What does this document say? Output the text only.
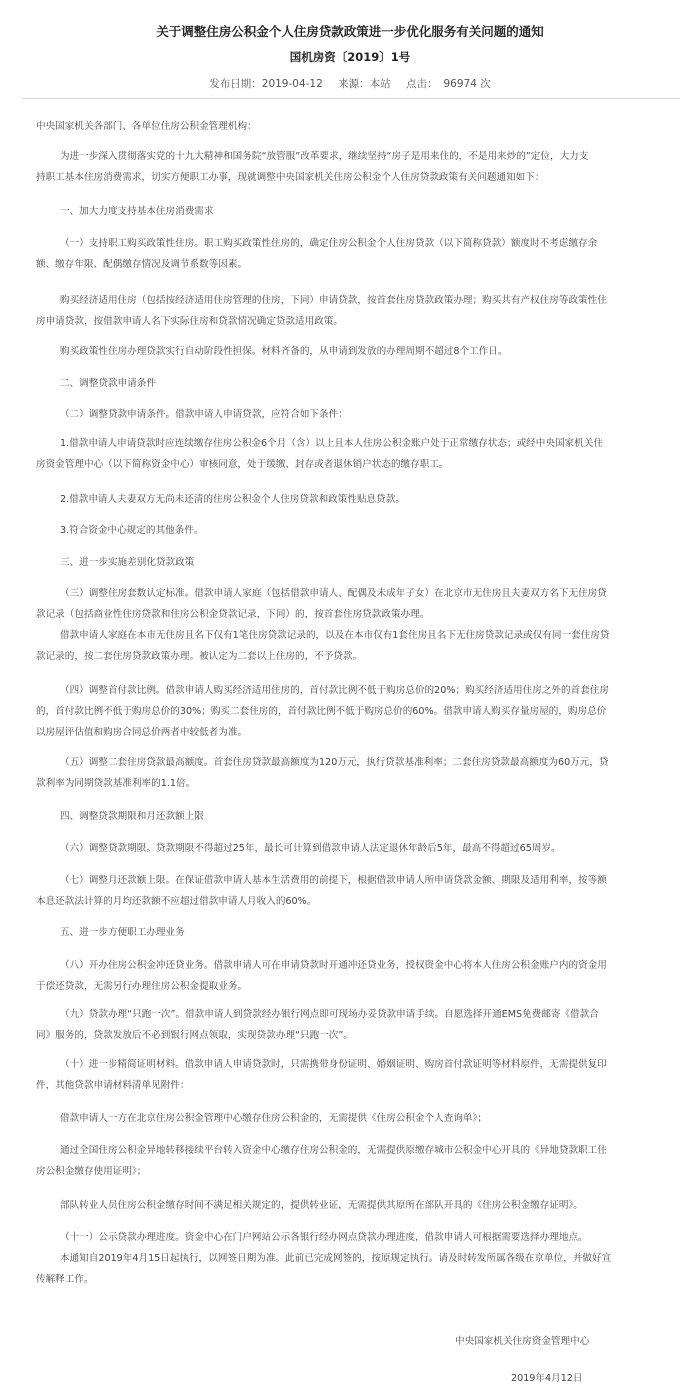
关于调整住房公积金个人住房贷款政策进一步优化服务有关问题的通知
国机房资〔2019〕1号
发布日期：2019-04-12 来源：本站 点击： 96974 次
中央国家机关各部门、各单位住房公积金管理机构：
为进一步深入贯彻落实党的十九大精神和国务院“放管服”改革要求，继续坚持“房子是用来住的，不是用来炒的”定位，大力支
持职工基本住房消费需求，切实方便职工办事，现就调整中央国家机关住房公积金个人住房贷款政策有关问题通知如下：
一、加大力度支持基本住房消费需求
（一）支持职工购买政策性住房。职工购买政策性住房的，确定住房公积金个人住房贷款（以下简称贷款）额度时不考虑缴存余
额、缴存年限、配偶缴存情况及调节系数等因素。
购买经济适用住房（包括按经济适用住房管理的住房，下同）申请贷款，按首套住房贷款政策办理；购买共有产权住房等政策性住
房申请贷款，按借款申请人名下实际住房和贷款情况确定贷款适用政策。
购买政策性住房办理贷款实行自动阶段性担保。材料齐备的，从申请到发放的办理周期不超过8个工作日。
二、调整贷款申请条件
（二）调整贷款申请条件。借款申请人申请贷款，应符合如下条件：
1.借款申请人申请贷款时应连续缴存住房公积金6个月（含）以上且本人住房公积金账户处于正常缴存状态；或经中央国家机关住
房资金管理中心（以下简称资金中心）审核同意，处于缓缴、封存或者退休销户状态的缴存职工。
2.借款申请人夫妻双方无尚未还清的住房公积金个人住房贷款和政策性贴息贷款。
3.符合资金中心规定的其他条件。
三、进一步实施差别化贷款政策
（三）调整住房套数认定标准。借款申请人家庭（包括借款申请人、配偶及未成年子女）在北京市无住房且夫妻双方名下无住房贷
款记录（包括商业性住房贷款和住房公积金贷款记录，下同）的，按首套住房贷款政策办理。
借款申请人家庭在本市无住房且名下仅有1笔住房贷款记录的，以及在本市仅有1套住房且名下无住房贷款记录或仅有同一套住房贷
款记录的，按二套住房贷款政策办理。被认定为二套以上住房的，不予贷款。
（四）调整首付款比例。借款申请人购买经济适用住房的，首付款比例不低于购房总价的20%；购买经济适用住房之外的首套住房
的，首付款比例不低于购房总价的30%；购买二套住房的，首付款比例不低于购房总价的60%。借款申请人购买存量房屋的，购房总价
以房屋评估值和购房合同总价两者中较低者为准。
（五）调整二套住房贷款最高额度。首套住房贷款最高额度为120万元，执行贷款基准利率；二套住房贷款最高额度为60万元，贷
款利率为同期贷款基准利率的1.1倍。
四、调整贷款期限和月还款额上限
（六）调整贷款期限。贷款期限不得超过25年，最长可计算到借款申请人法定退休年龄后5年，最高不得超过65周岁。
（七）调整月还款额上限。在保证借款申请人基本生活费用的前提下，根据借款申请人所申请贷款金额、期限及适用利率，按等额
本息还款法计算的月均还款额不应超过借款申请人月收入的60%。
五、进一步方便职工办理业务
（八）开办住房公积金冲还贷业务。借款申请人可在申请贷款时开通冲还贷业务，授权资金中心将本人住房公积金账户内的资金用
于偿还贷款，无需另行办理住房公积金提取业务。
（九）贷款办理“只跑一次”。借款申请人到贷款经办银行网点即可现场办妥贷款申请手续。自愿选择开通EMS免费邮寄《借款合
同》服务的，贷款发放后不必到银行网点领取，实现贷款办理“只跑一次”。
（十）进一步精简证明材料。借款申请人申请贷款时，只需携带身份证明、婚姻证明、购房首付款证明等材料原件，无需提供复印
件，其他贷款申请材料清单见附件：
借款申请人一方在北京住房公积金管理中心缴存住房公积金的，无需提供《住房公积金个人查询单》；
通过全国住房公积金异地转移接续平台转入资金中心缴存住房公积金的，无需提供原缴存城市公积金中心开具的《异地贷款职工住
房公积金缴存使用证明》；
部队转业人员住房公积金缴存时间不满足相关规定的，提供转业证，无需提供其原所在部队开具的《住房公积金缴存证明》。
（十一）公示贷款办理进度。资金中心在门户网站公示各银行经办网点贷款办理进度，借款申请人可根据需要选择办理地点。
本通知自2019年4月15日起执行，以网签日期为准。此前已完成网签的，按原规定执行。请及时转发所属各级在京单位，并做好宣
传解释工作。
中央国家机关住房资金管理中心
2019年4月12日
